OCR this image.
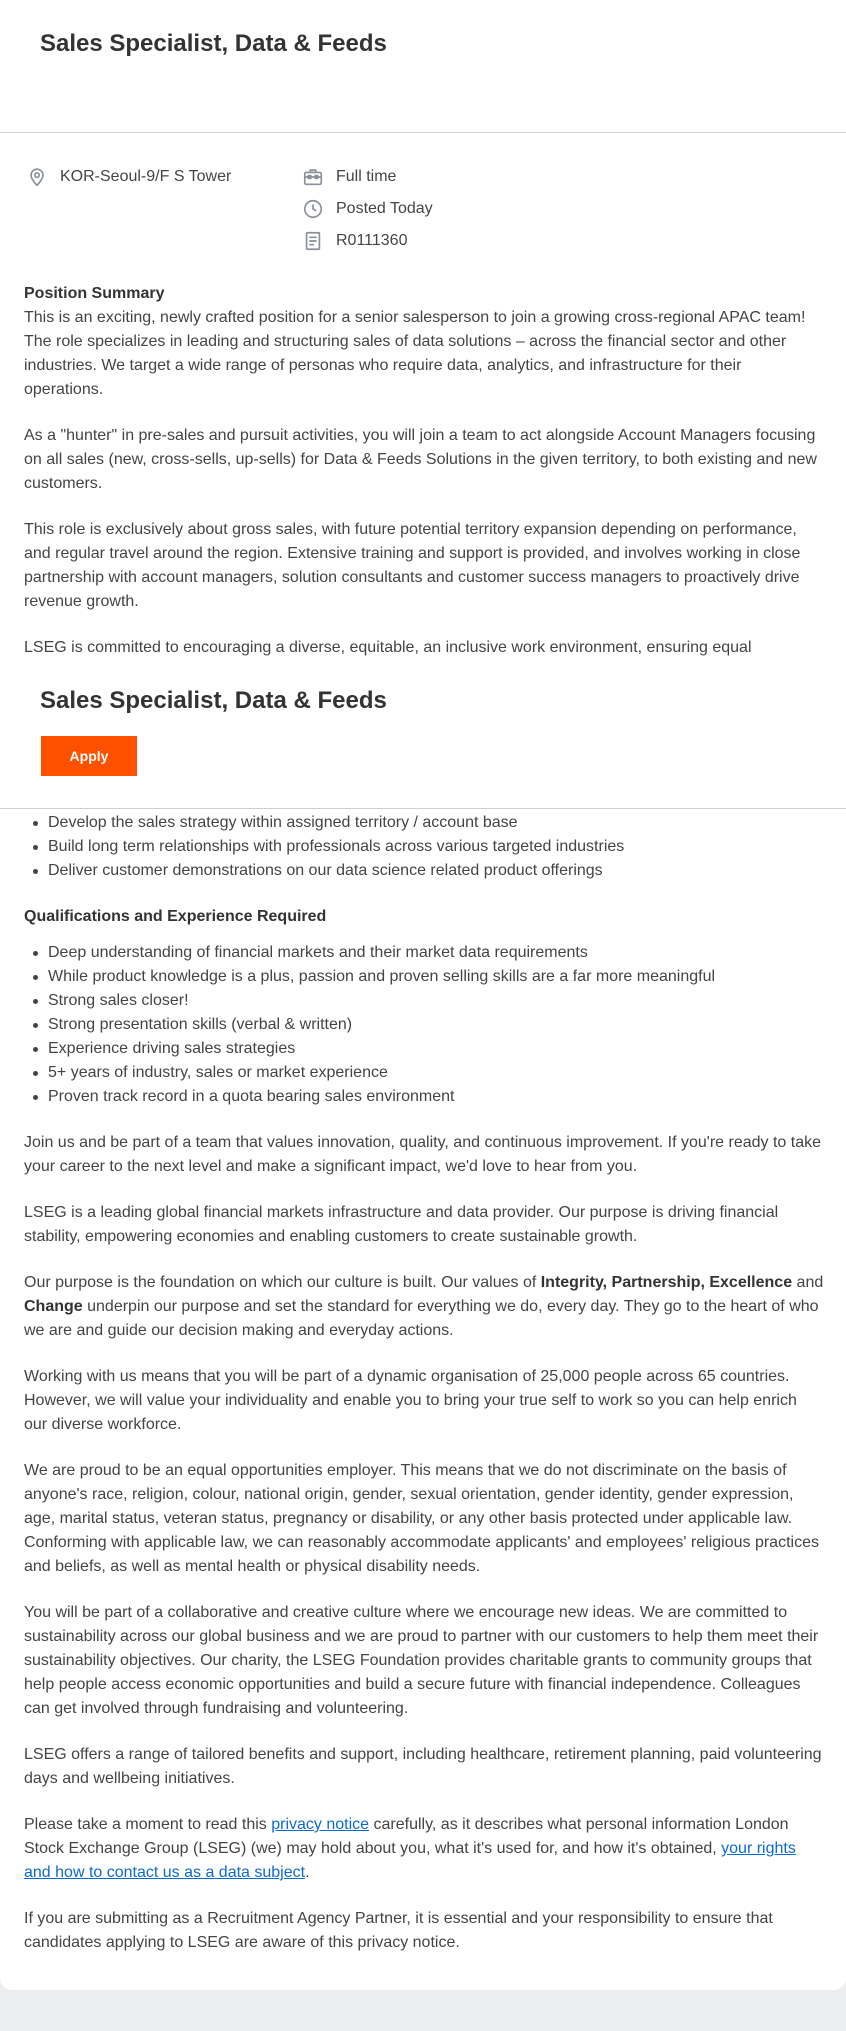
Sales Specialist, Data & Feeds
KOR-Seoul-9/F S Tower	Full time
Posted Today
R0111360
Position Summary
This is an exciting, newly crafted position for a senior salesperson to join a growing cross-regional APAC team! The role specializes in leading and structuring sales of data solutions – across the financial sector and other industries. We target a wide range of personas who require data, analytics, and infrastructure for their operations.
As a "hunter" in pre-sales and pursuit activities, you will join a team to act alongside Account Managers focusing on all sales (new, cross-sells, up-sells) for Data & Feeds Solutions in the given territory, to both existing and new customers.
This role is exclusively about gross sales, with future potential territory expansion depending on performance, and regular travel around the region. Extensive training and support is provided, and involves working in close partnership with account managers, solution consultants and customer success managers to proactively drive revenue growth.
LSEG is committed to encouraging a diverse, equitable, an inclusive work environment, ensuring equal
Sales Specialist, Data & Feeds
Apply
Develop the sales strategy within assigned territory / account base
Build long term relationships with professionals across various targeted industries
Deliver customer demonstrations on our data science related product offerings
Qualifications and Experience Required
Deep understanding of financial markets and their market data requirements
While product knowledge is a plus, passion and proven selling skills are a far more meaningful
Strong sales closer!
Strong presentation skills (verbal & written)
Experience driving sales strategies
5+ years of industry, sales or market experience
Proven track record in a quota bearing sales environment
Join us and be part of a team that values innovation, quality, and continuous improvement. If you're ready to take your career to the next level and make a significant impact, we'd love to hear from you.
LSEG is a leading global financial markets infrastructure and data provider. Our purpose is driving financial stability, empowering economies and enabling customers to create sustainable growth.
Our purpose is the foundation on which our culture is built. Our values of Integrity, Partnership, Excellence and Change underpin our purpose and set the standard for everything we do, every day. They go to the heart of who we are and guide our decision making and everyday actions.
Working with us means that you will be part of a dynamic organisation of 25,000 people across 65 countries. However, we will value your individuality and enable you to bring your true self to work so you can help enrich our diverse workforce.
We are proud to be an equal opportunities employer. This means that we do not discriminate on the basis of anyone's race, religion, colour, national origin, gender, sexual orientation, gender identity, gender expression, age, marital status, veteran status, pregnancy or disability, or any other basis protected under applicable law. Conforming with applicable law, we can reasonably accommodate applicants' and employees' religious practices and beliefs, as well as mental health or physical disability needs.
You will be part of a collaborative and creative culture where we encourage new ideas. We are committed to sustainability across our global business and we are proud to partner with our customers to help them meet their sustainability objectives. Our charity, the LSEG Foundation provides charitable grants to community groups that help people access economic opportunities and build a secure future with financial independence. Colleagues can get involved through fundraising and volunteering.
LSEG offers a range of tailored benefits and support, including healthcare, retirement planning, paid volunteering days and wellbeing initiatives.
Please take a moment to read this privacy notice carefully, as it describes what personal information London Stock Exchange Group (LSEG) (we) may hold about you, what it's used for, and how it's obtained, your rights and how to contact us as a data subject.
If you are submitting as a Recruitment Agency Partner, it is essential and your responsibility to ensure that candidates applying to LSEG are aware of this privacy notice.
